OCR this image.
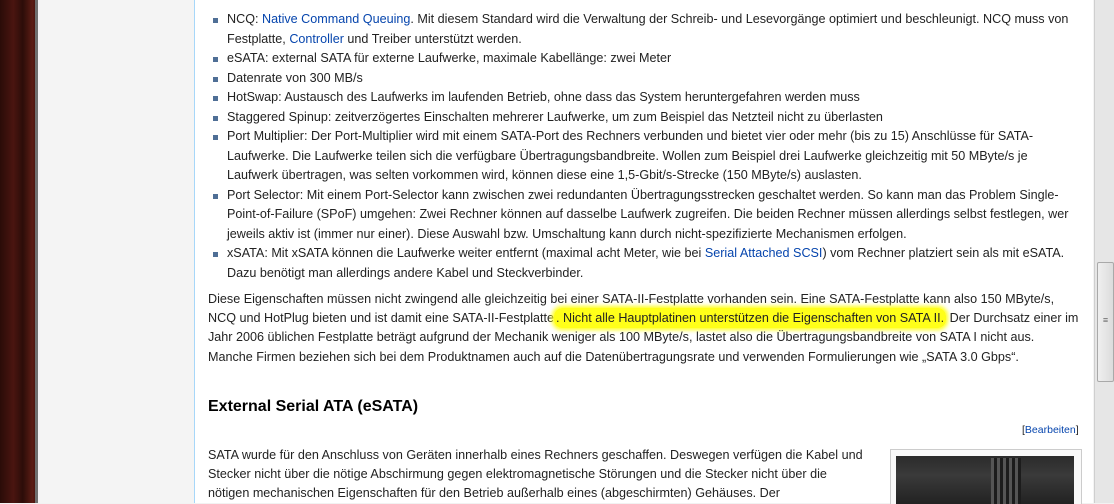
NCQ: Native Command Queuing. Mit diesem Standard wird die Verwaltung der Schreib- und Lesevorgänge optimiert und beschleunigt. NCQ muss von Festplatte, Controller und Treiber unterstützt werden.
eSATA: external SATA für externe Laufwerke, maximale Kabellänge: zwei Meter
Datenrate von 300 MB/s
HotSwap: Austausch des Laufwerks im laufenden Betrieb, ohne dass das System heruntergefahren werden muss
Staggered Spinup: zeitverzögertes Einschalten mehrerer Laufwerke, um zum Beispiel das Netzteil nicht zu überlasten
Port Multiplier: Der Port-Multiplier wird mit einem SATA-Port des Rechners verbunden und bietet vier oder mehr (bis zu 15) Anschlüsse für SATA-Laufwerke. Die Laufwerke teilen sich die verfügbare Übertragungsbandbreite. Wollen zum Beispiel drei Laufwerke gleichzeitig mit 50 MByte/s je Laufwerk übertragen, was selten vorkommen wird, können diese eine 1,5-Gbit/s-Strecke (150 MByte/s) auslasten.
Port Selector: Mit einem Port-Selector kann zwischen zwei redundanten Übertragungsstrecken geschaltet werden. So kann man das Problem Single-Point-of-Failure (SPoF) umgehen: Zwei Rechner können auf dasselbe Laufwerk zugreifen. Die beiden Rechner müssen allerdings selbst festlegen, wer jeweils aktiv ist (immer nur einer). Diese Auswahl bzw. Umschaltung kann durch nicht-spezifizierte Mechanismen erfolgen.
xSATA: Mit xSATA können die Laufwerke weiter entfernt (maximal acht Meter, wie bei Serial Attached SCSI) vom Rechner platziert sein als mit eSATA. Dazu benötigt man allerdings andere Kabel und Steckverbinder.

Diese Eigenschaften müssen nicht zwingend alle gleichzeitig bei einer SATA-II-Festplatte vorhanden sein. Eine SATA-Festplatte kann also 150 MByte/s, NCQ und HotPlug bieten und ist damit eine SATA-II-Festplatte . Nicht alle Hauptplatinen unterstützen die Eigenschaften von SATA II. Der Durchsatz einer im Jahr 2006 üblichen Festplatte beträgt aufgrund der Mechanik weniger als 100 MByte/s, lastet also die Übertragungsbandbreite von SATA I nicht aus. Manche Firmen beziehen sich bei dem Produktnamen auch auf die Datenübertragungsrate und verwenden Formulierungen wie „SATA 3.0 Gbps“.

External Serial ATA (eSATA)
[Bearbeiten]

SATA wurde für den Anschluss von Geräten innerhalb eines Rechners geschaffen. Deswegen verfügen die Kabel und Stecker nicht über die nötige Abschirmung gegen elektromagnetische Störungen und die Stecker nicht über die nötigen mechanischen Eigenschaften für den Betrieb außerhalb eines (abgeschirmten) Gehäuses. Der

≡
